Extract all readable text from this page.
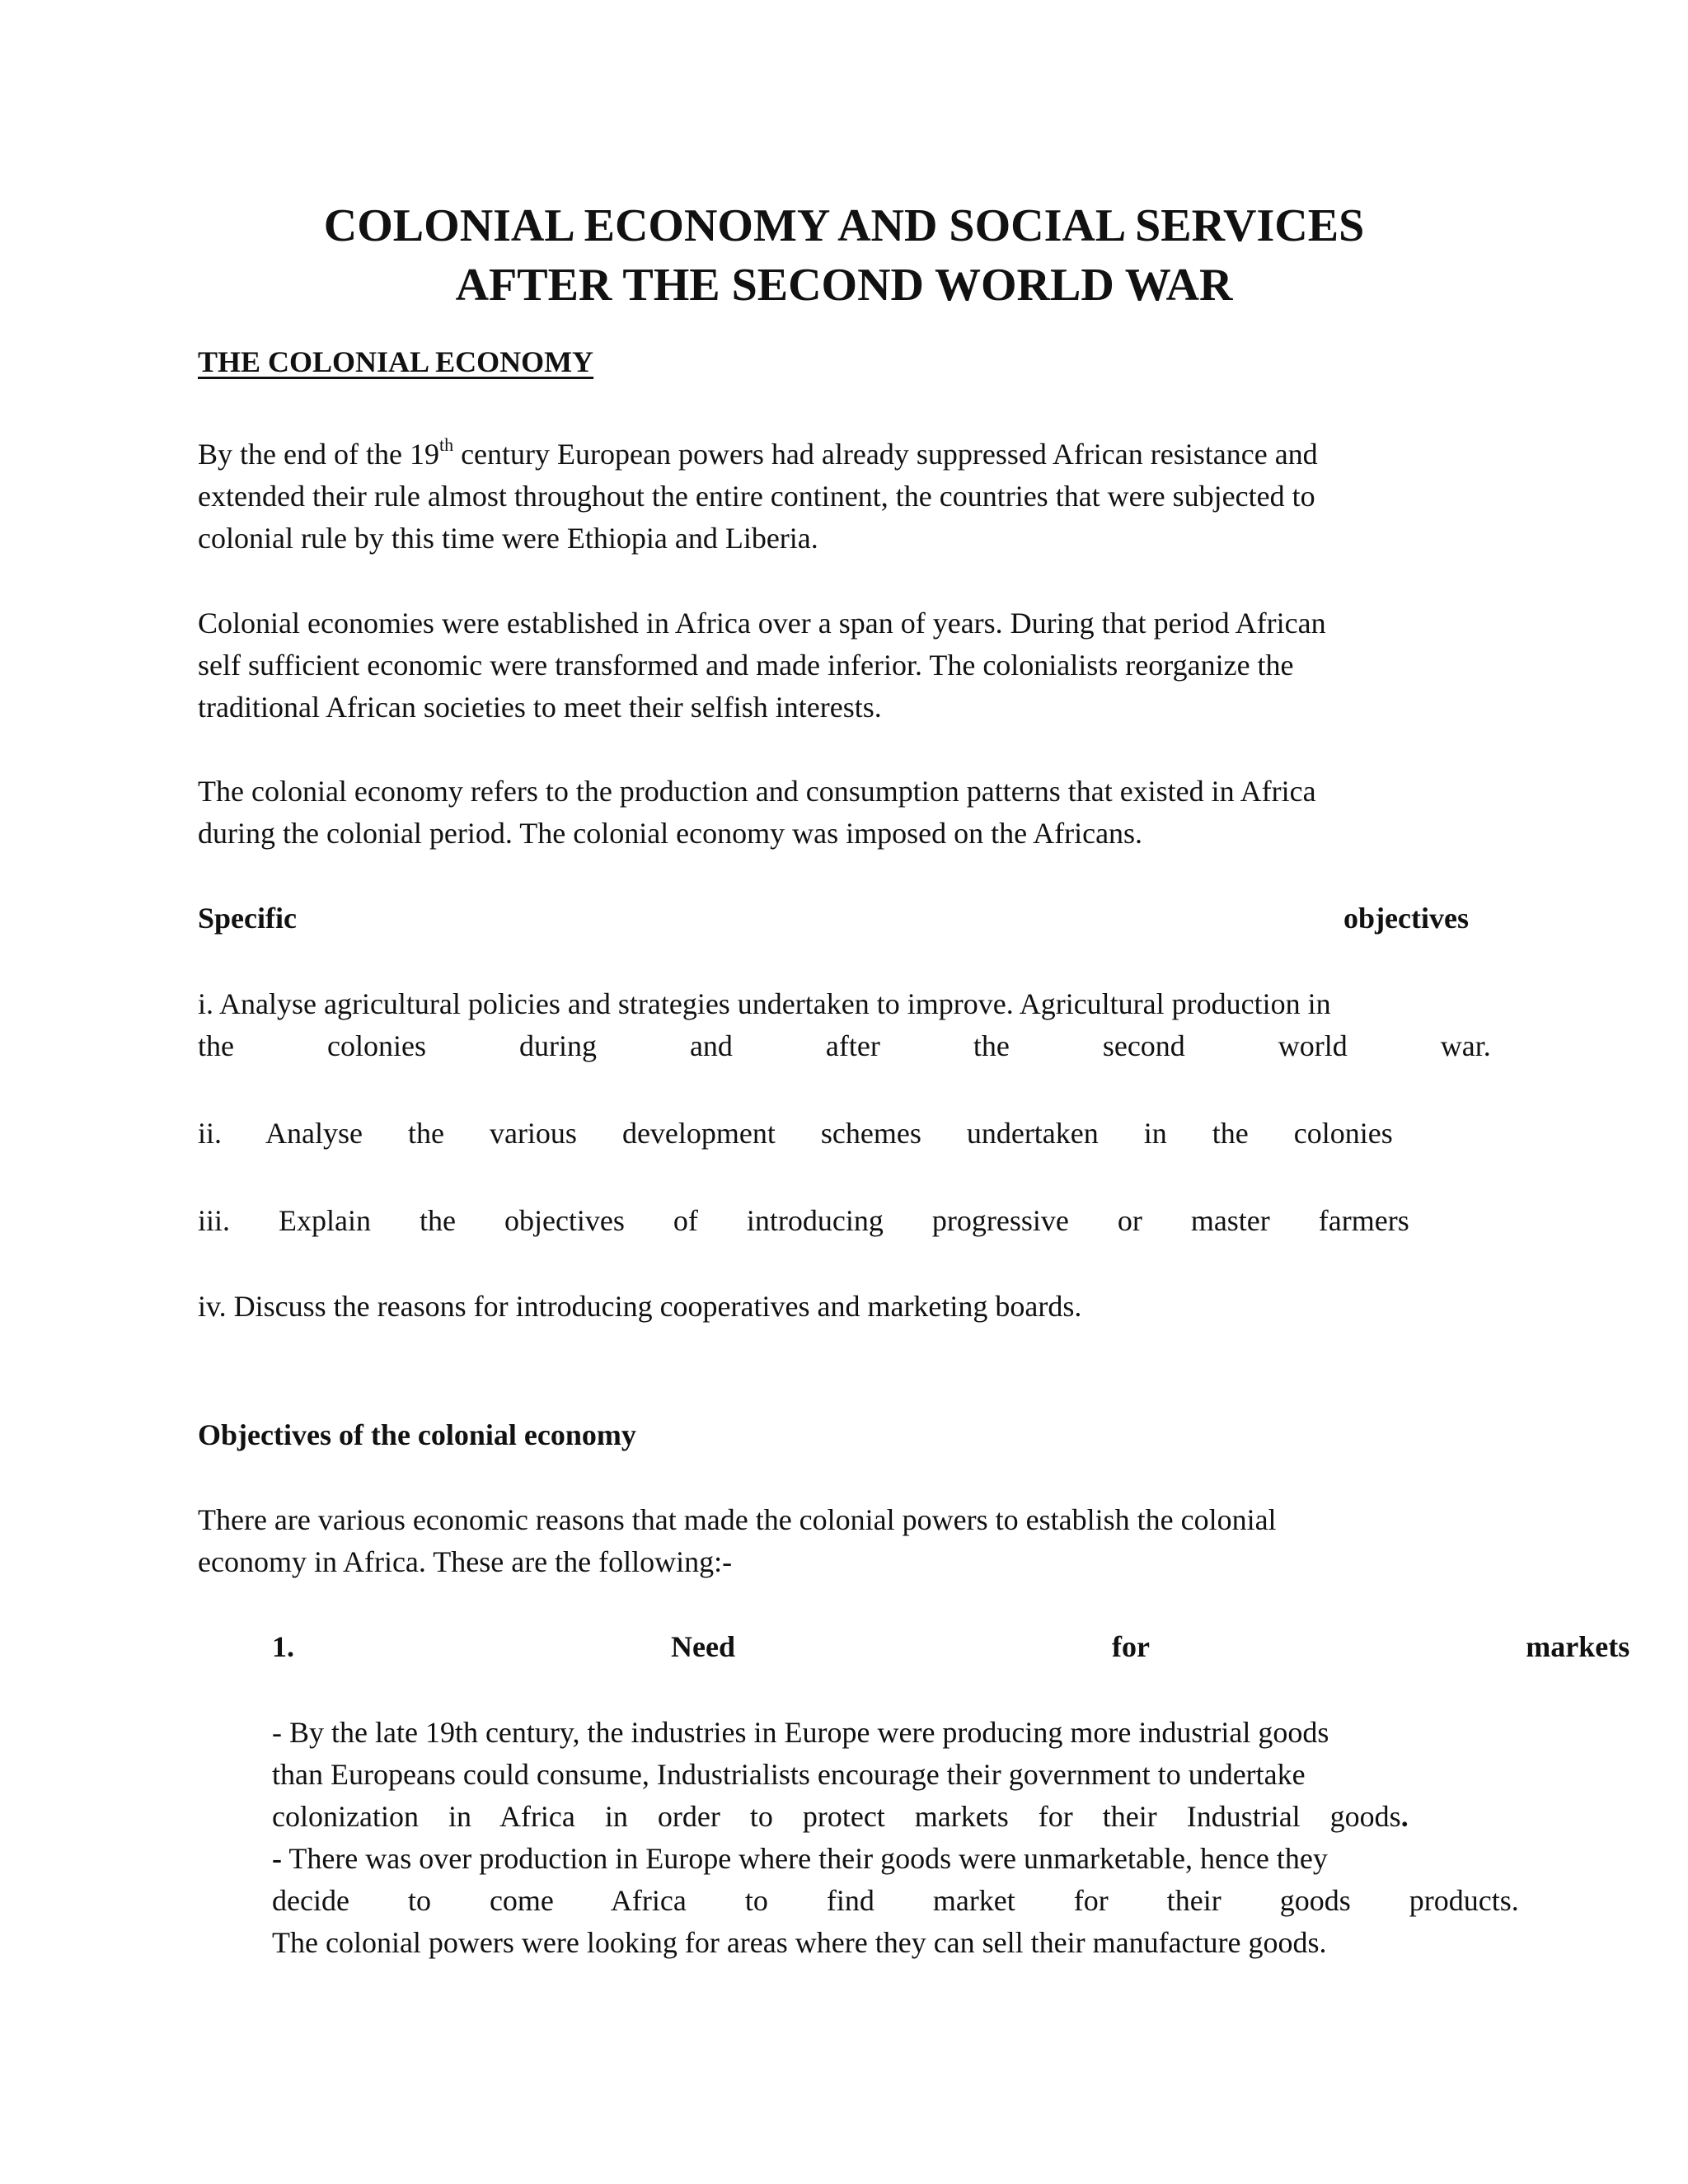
COLONIAL ECONOMY AND SOCIAL SERVICES
AFTER THE SECOND WORLD WAR
THE COLONIAL ECONOMY
By the end of the 19th century European powers had already suppressed African resistance and
extended their rule almost throughout the entire continent, the countries that were subjected to
colonial rule by this time were Ethiopia and Liberia.
Colonial economies were established in Africa over a span of years. During that period African
self sufficient economic were transformed and made inferior. The colonialists reorganize the
traditional African societies to meet their selfish interests.
The colonial economy refers to the production and consumption patterns that existed in Africa
during the colonial period. The colonial economy was imposed on the Africans.
Specific	objectives
i. Analyse agricultural policies and strategies undertaken to improve. Agricultural production in
the colonies during and after the second world war.
ii. Analyse the various development schemes undertaken in the colonies
iii. Explain the objectives of introducing progressive or master farmers
iv. Discuss the reasons for introducing cooperatives and marketing boards.
Objectives of the colonial economy
There are various economic reasons that made the colonial powers to establish the colonial
economy in Africa. These are the following:-
1. Need for markets
- By the late 19th century, the industries in Europe were producing more industrial goods
than Europeans could consume, Industrialists encourage their government to undertake
colonization in Africa in order to protect markets for their Industrial goods.
- There was over production in Europe where their goods were unmarketable, hence they
decide to come Africa to find market for their goods products.
The colonial powers were looking for areas where they can sell their manufacture goods.
